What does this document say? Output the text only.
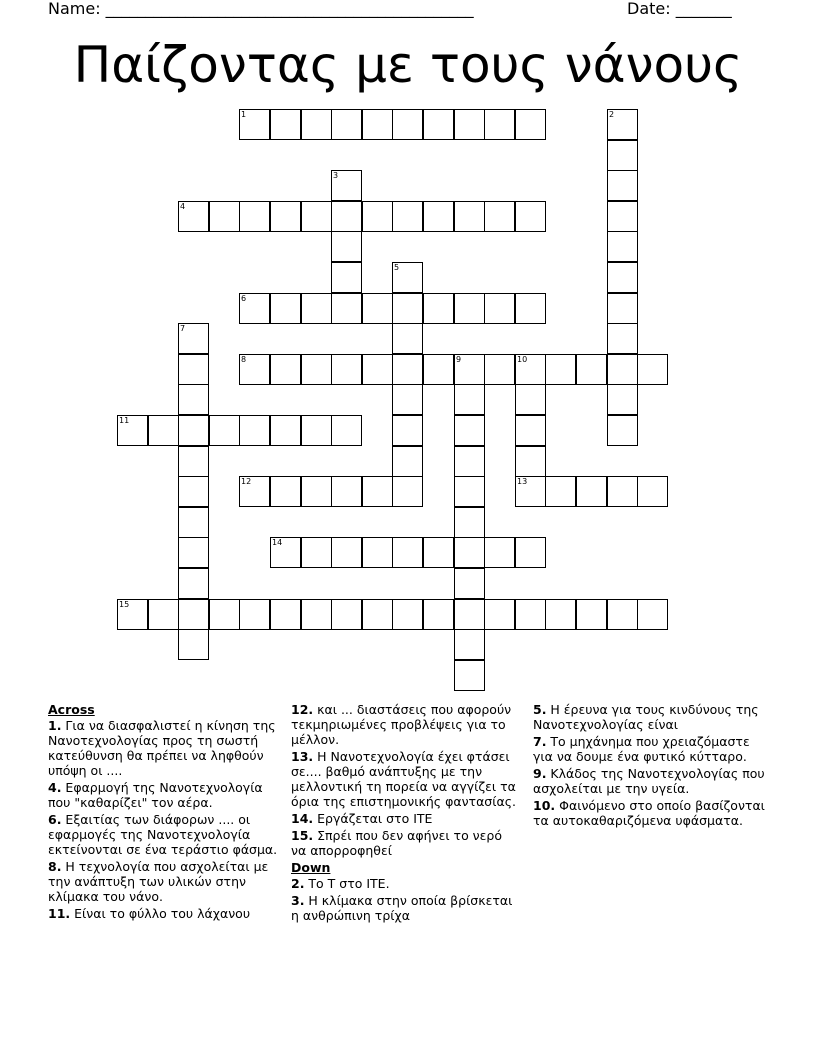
Name: ______________________________________________	Date: _______
Παίζοντας με τους νάνους
1	2
3
4
5
6
7
8	9	10
13
11
12
14
15
Across
1. Για να διασφαλιστεί η κίνηση της Νανοτεχνολογίας προς τη σωστή κατεύθυνση θα πρέπει να ληφθούν υπόψη οι ....
4. Εφαρμογή της Νανοτεχνολογία που "καθαρίζει" τον αέρα.
6. Εξαιτίας των διάφορων .... οι εφαρμογές της Νανοτεχνολογία εκτείνονται σε ένα τεράστιο φάσμα.
8. Η τεχνολογία που ασχολείται με την ανάπτυξη των υλικών στην κλίμακα του νάνο.
11. Είναι το φύλλο του λάχανου
12. και ... διαστάσεις που αφορούν τεκμηριωμένες προβλέψεις για το μέλλον.
13. Η Νανοτεχνολογία έχει φτάσει σε.... βαθμό ανάπτυξης με την μελλοντική τη πορεία να αγγίζει τα όρια της επιστημονικής φαντασίας.
14. Εργάζεται στο ΙΤΕ
15. Σπρέι που δεν αφήνει το νερό να απορροφηθεί
Down
2. Το Τ στο ΙΤΕ.
3. Η κλίμακα στην οποία βρίσκεται η ανθρώπινη τρίχα
5. Η έρευνα για τους κινδύνους της Νανοτεχνολογίας είναι
7. Το μηχάνημα που χρειαζόμαστε για να δουμε ένα φυτικό κύτταρο.
9. Κλάδος της Νανοτεχνολογίας που ασχολείται με την υγεία.
10. Φαινόμενο στο οποίο βασίζονται τα αυτοκαθαριζόμενα υφάσματα.
